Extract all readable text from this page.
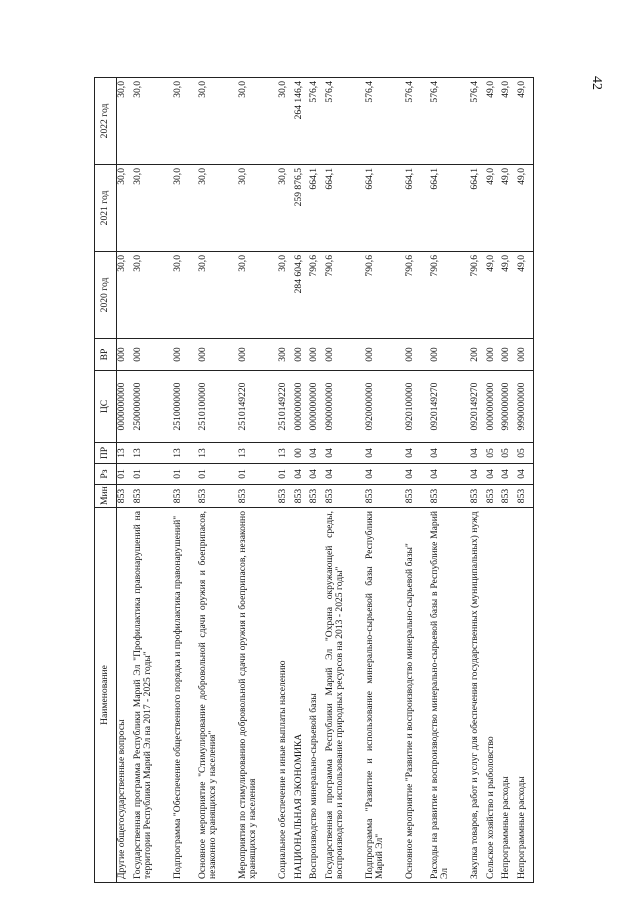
42
Наименование	Мин	Рз	ПР	ЦС	ВР	2020 год	2021 год	2022 год
Другие общегосударственные вопросы	853	01	13	0000000000	000	30,0	30,0	30,0
Государственная программа Республики Марий Эл "Профилактика правонарушений на территории Республики Марий Эл на 2017 - 2025 годы"	853	01	13	2500000000	000	30,0	30,0	30,0

Подпрограмма "Обеспечение общественного порядка и профилактика правонарушений"	853	01	13	2510000000	000	30,0	30,0	30,0

Основное мероприятие "Стимулирование добровольной сдачи оружия и боеприпасов, незаконно хранящихся у населения"	853	01	13	2510100000	000	30,0	30,0	30,0

Мероприятия по стимулированию добровольной сдачи оружия и боеприпасов, незаконно хранящихся у населения	853	01	13	2510149220	000	30,0	30,0	30,0

Социальное обеспечение и иные выплаты населению	853	01	13	2510149220	300	30,0	30,0	30,0
НАЦИОНАЛЬНАЯ ЭКОНОМИКА	853	04	00	0000000000	000	284 604,6	259 876,5	264 146,4
Воспроизводство минерально-сырьевой базы	853	04	04	0000000000	000	790,6	664,1	576,4
Государственная программа Республики Марий Эл "Охрана окружающей среды, воспроизводство и использование природных ресурсов на 2013 - 2025 годы"	853	04	04	0900000000	000	790,6	664,1	576,4

Подпрограмма "Развитие и использование минерально-сырьевой базы Республики Марий Эл"	853	04	04	0920000000	000	790,6	664,1	576,4

Основное мероприятие "Развитие и воспроизводство минерально-сырьевой базы"	853	04	04	0920100000	000	790,6	664,1	576,4

Расходы на развитие и воспроизводство минерально-сырьевой базы в Республике Марий Эл	853	04	04	0920149270	000	790,6	664,1	576,4

Закупка товаров, работ и услуг для обеспечения государственных (муниципальных) нужд	853	04	04	0920149270	200	790,6	664,1	576,4
Сельское хозяйство и рыболовство	853	04	05	0000000000	000	49,0	49,0	49,0
Непрограммные расходы	853	04	05	9900000000	000	49,0	49,0	49,0
Непрограммные расходы	853	04	05	9990000000	000	49,0	49,0	49,0
